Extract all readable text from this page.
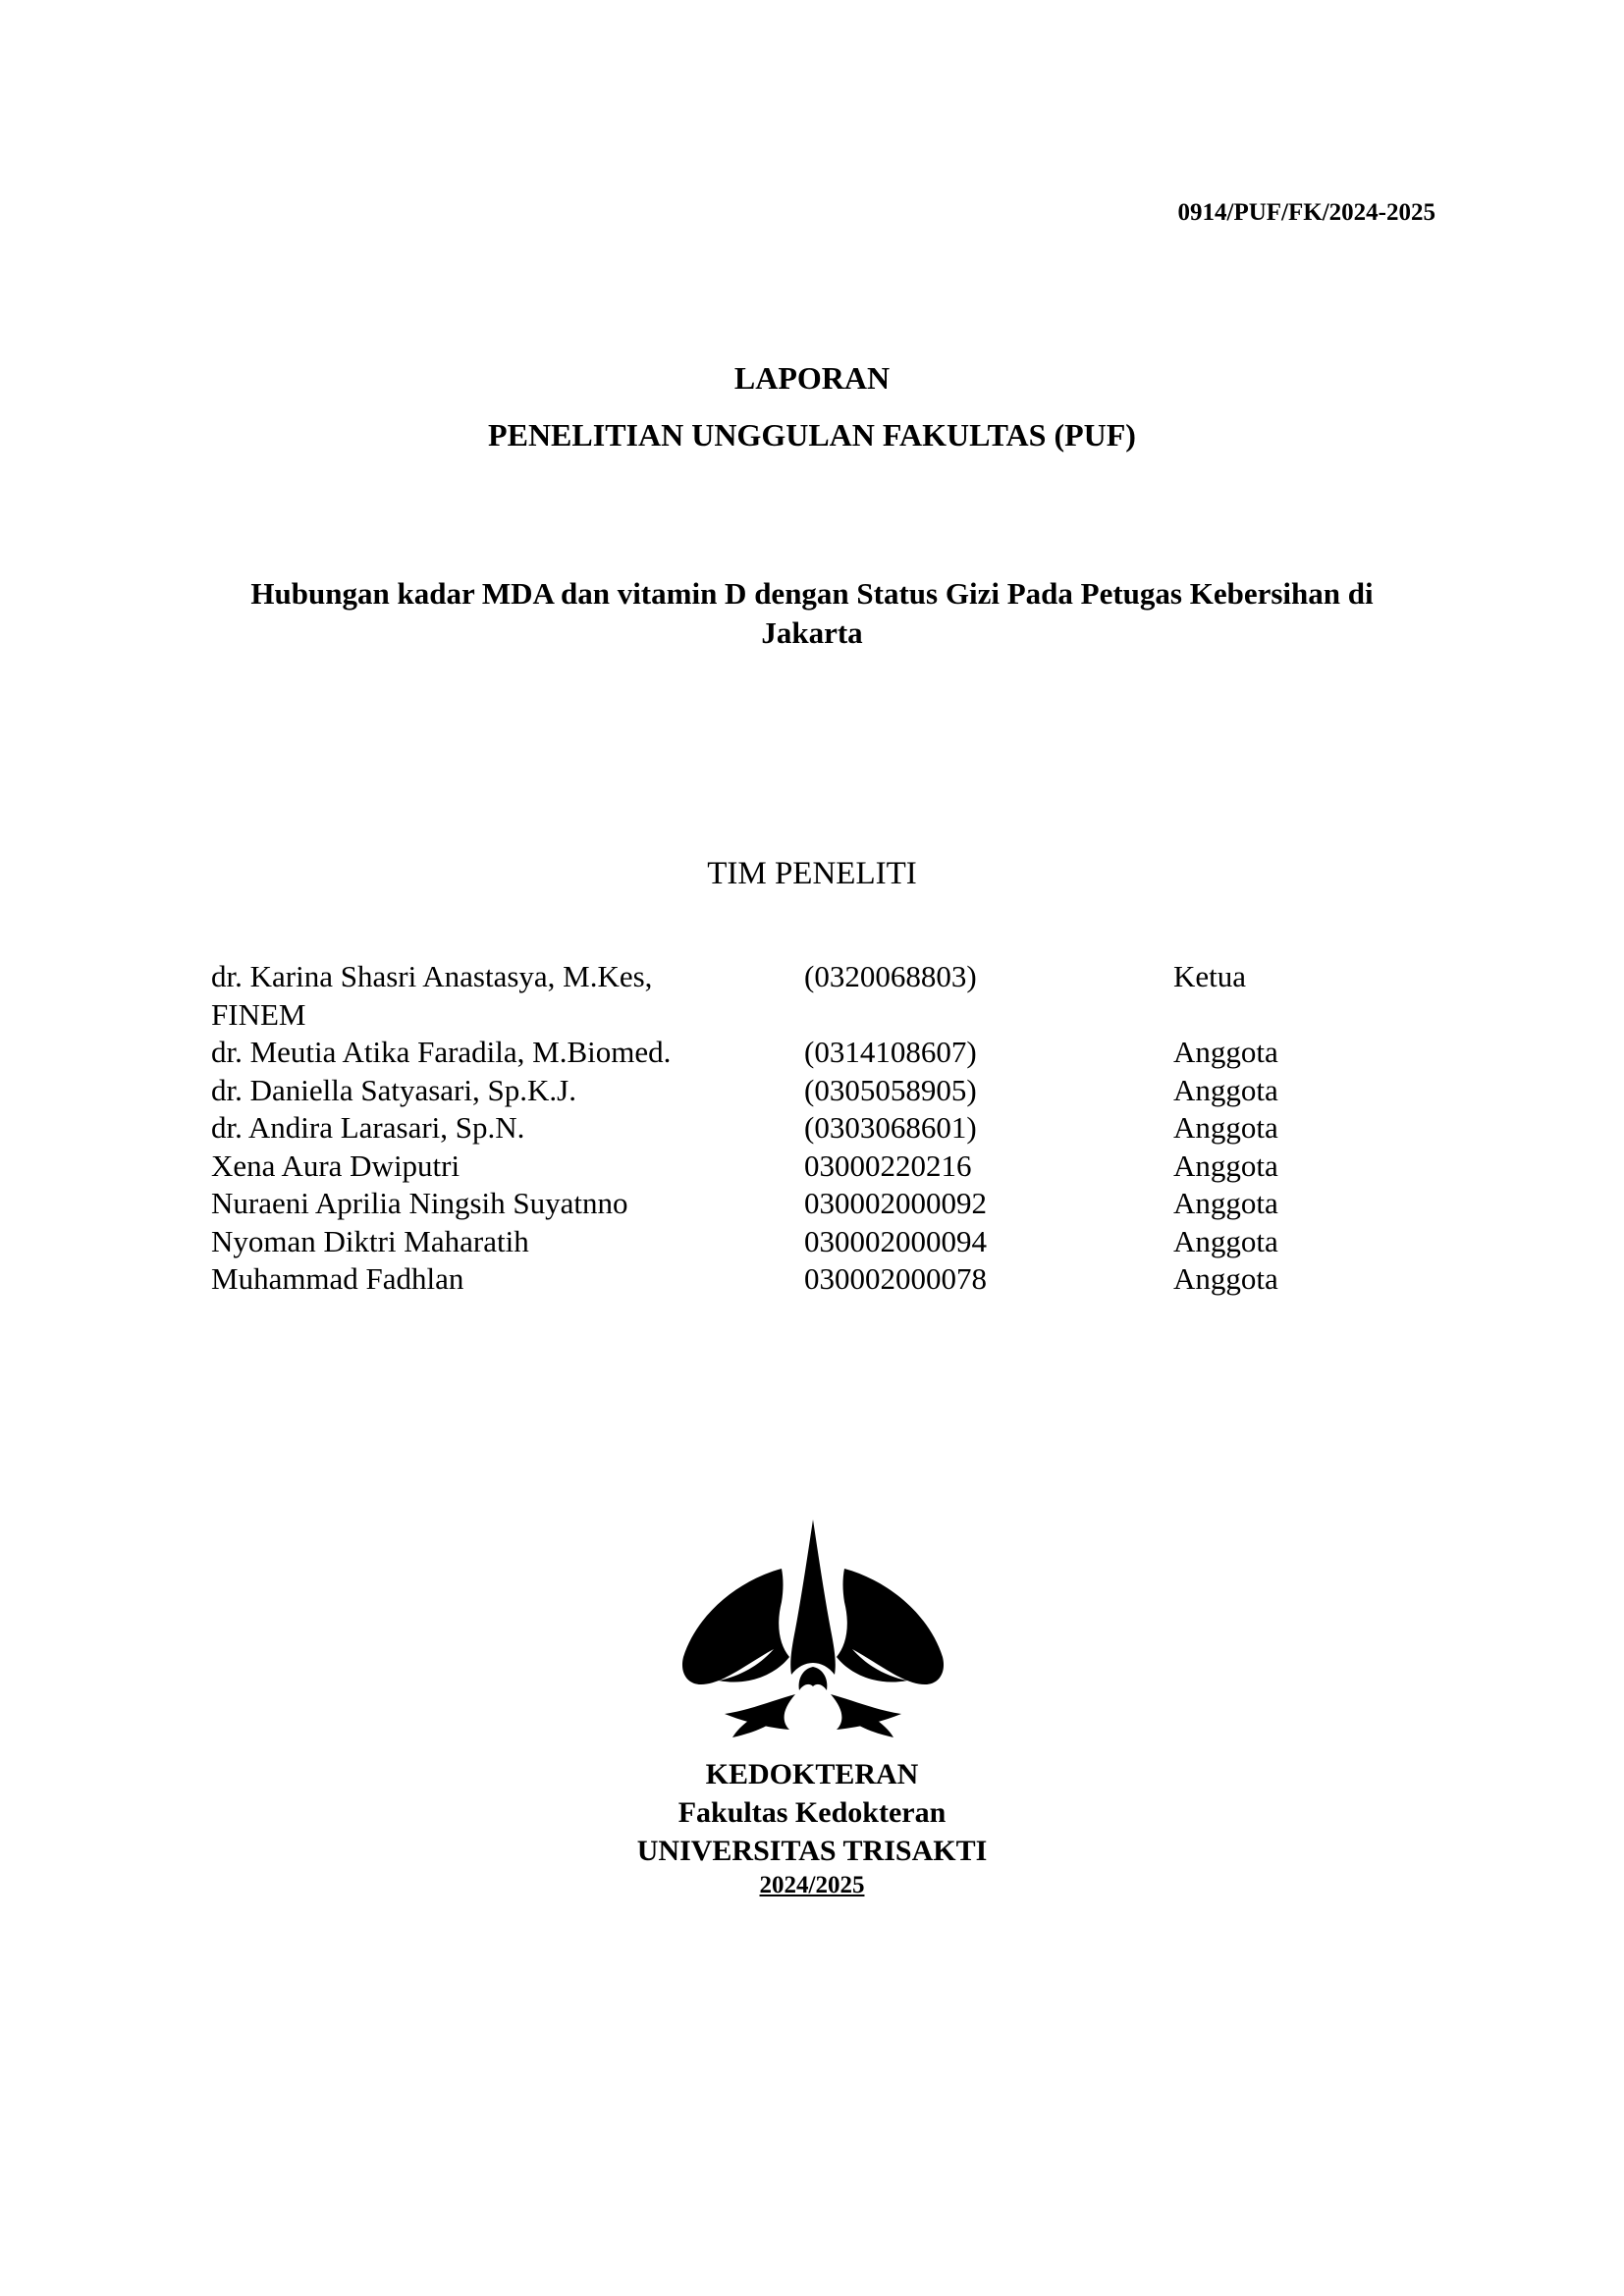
0914/PUF/FK/2024-2025
LAPORAN
PENELITIAN UNGGULAN FAKULTAS (PUF)
Hubungan kadar MDA dan vitamin D dengan Status Gizi Pada Petugas Kebersihan di
Jakarta
TIM PENELITI
dr. Karina Shasri Anastasya, M.Kes,	(0320068803)	Ketua
FINEM		
dr. Meutia Atika Faradila, M.Biomed.	(0314108607)	Anggota
dr. Daniella Satyasari, Sp.K.J.	(0305058905)	Anggota
dr. Andira Larasari, Sp.N.	(0303068601)	Anggota
Xena Aura Dwiputri	03000220216	Anggota
Nuraeni Aprilia Ningsih Suyatnno	030002000092	Anggota
Nyoman Diktri Maharatih	030002000094	Anggota
Muhammad Fadhlan	030002000078	Anggota
KEDOKTERAN
Fakultas Kedokteran
UNIVERSITAS TRISAKTI
2024/2025
